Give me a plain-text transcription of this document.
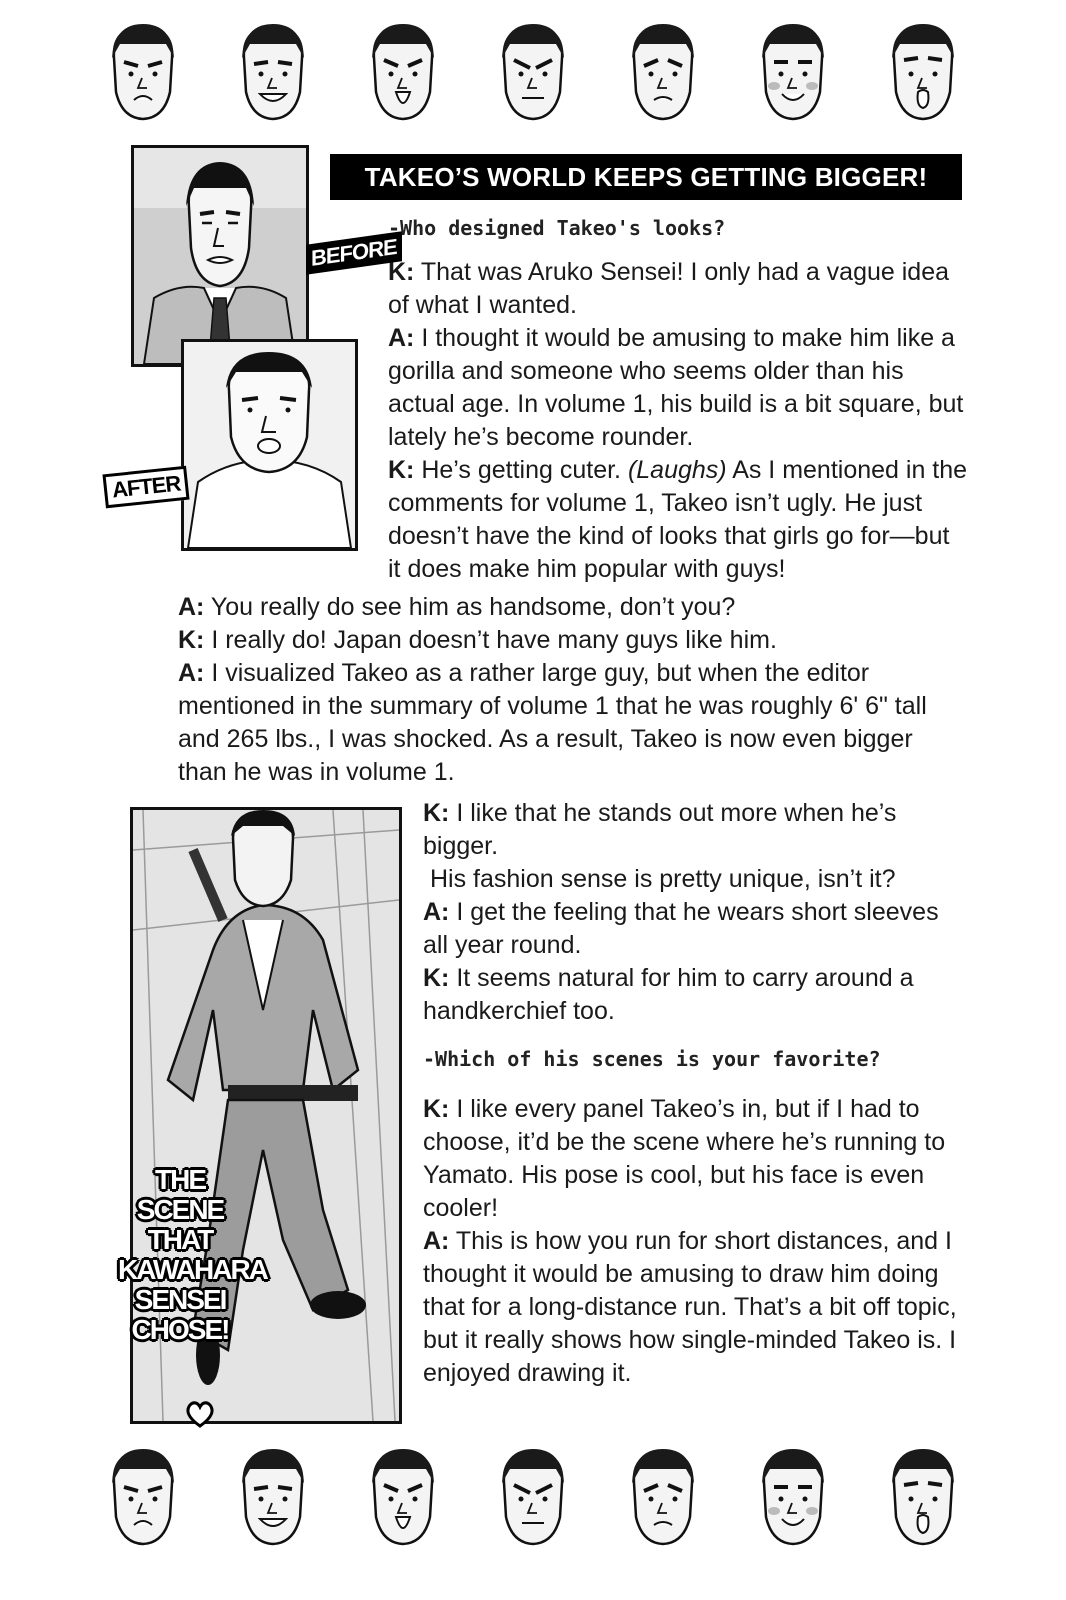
TAKEO’S WORLD KEEPS GETTING BIGGER!
BEFORE
AFTER
-Who designed Takeo's looks?
-Which of his scenes is your favorite?

K: That was Aruko Sensei! I only had a vague idea of what I wanted.

A: I thought it would be amusing to make him like a gorilla and someone who seems older than his actual age. In volume 1, his build is a bit square, but lately he’s become rounder.

K: He’s getting cuter. (Laughs) As I mentioned in the comments for volume 1, Takeo isn’t ugly. He just doesn’t have the kind of looks that girls go for—but it does make him popular with guys!

A: You really do see him as handsome, don’t you?

K: I really do! Japan doesn’t have many guys like him.

A: I visualized Takeo as a rather large guy, but when the editor mentioned in the summary of volume 1 that he was roughly 6' 6" tall and 265 lbs., I was shocked. As a result, Takeo is now even bigger than he was in volume 1.

K: I like that he stands out more when he’s bigger.

His fashion sense is pretty unique, isn’t it?

A: I get the feeling that he wears short sleeves all year round.

K: It seems natural for him to carry around a handkerchief too.

K: I like every panel Takeo’s in, but if I had to choose, it’d be the scene where he’s running to Yamato. His pose is cool, but his face is even cooler!

A: This is how you run for short distances, and I thought it would be amusing to draw him doing that for a long-distance run. That’s a bit off topic, but it really shows how single-minded Takeo is. I enjoyed drawing it.

THE
SCENE
THAT
KAWAHARA
SENSEI
CHOSE!
